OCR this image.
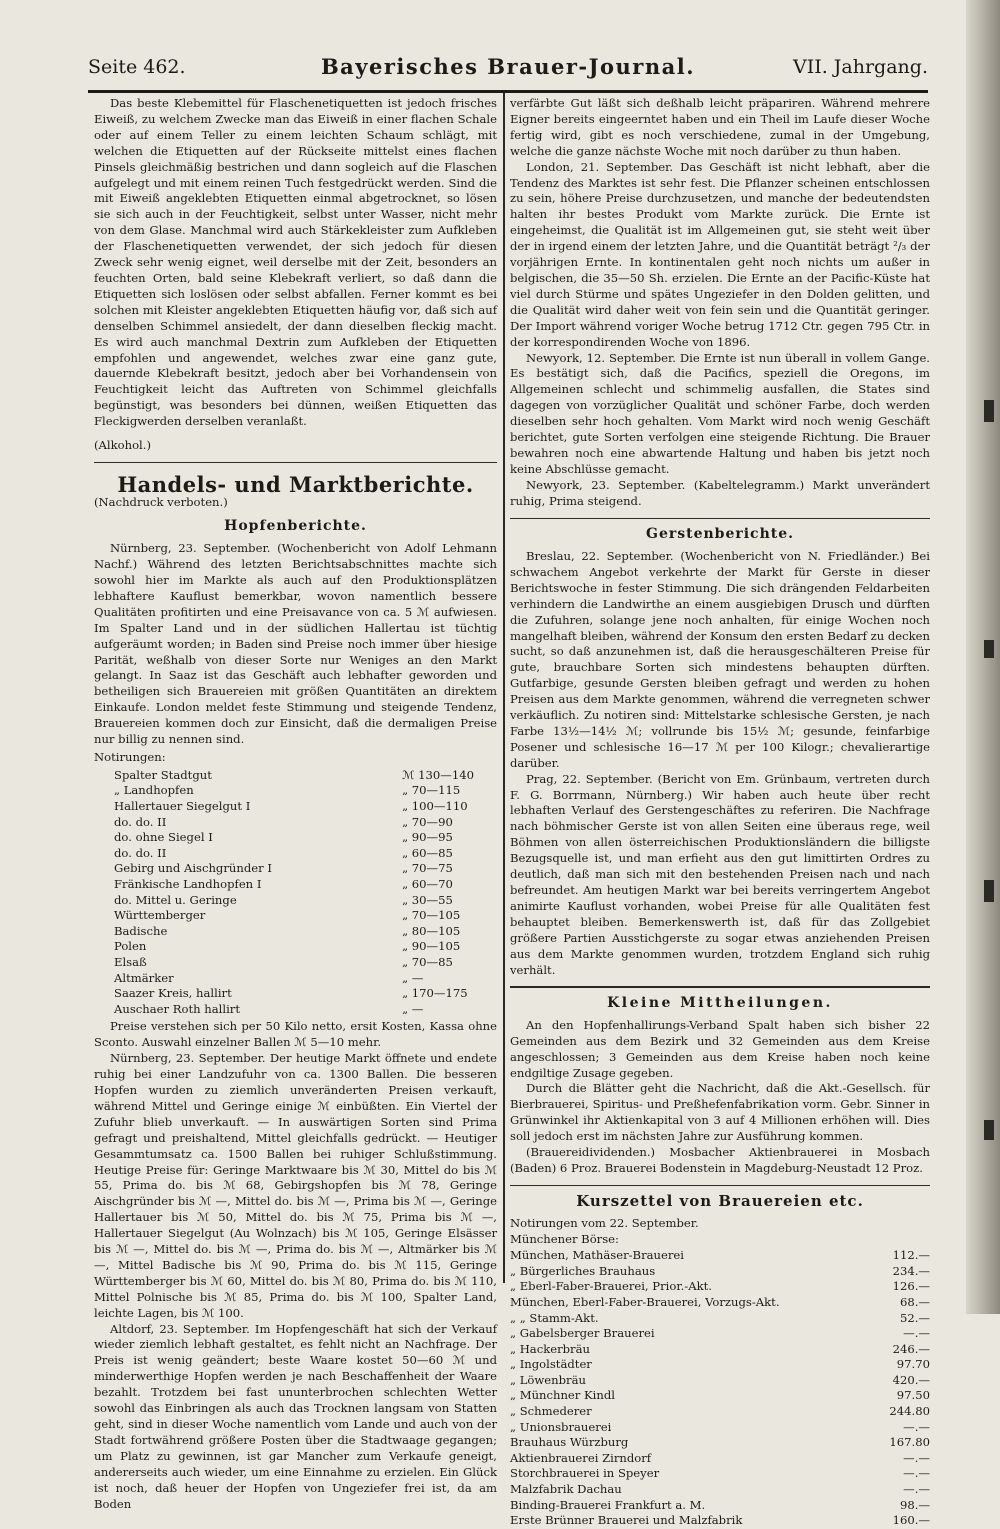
Seite 462.	Bayerisches Brauer-Journal.	VII. Jahrgang.

Das beste Klebemittel für Flaschenetiquetten ist jedoch frisches Eiweiß, zu welchem Zwecke man das Eiweiß in einer flachen Schale oder auf einem Teller zu einem leichten Schaum schlägt, mit welchen die Etiquetten auf der Rückseite mittelst eines flachen Pinsels gleichmäßig bestrichen und dann sogleich auf die Flaschen aufgelegt und mit einem reinen Tuch festgedrückt werden. Sind die mit Eiweiß angeklebten Etiquetten einmal abgetrocknet, so lösen sie sich auch in der Feuchtigkeit, selbst unter Wasser, nicht mehr von dem Glase. Manchmal wird auch Stärkekleister zum Aufkleben der Flaschenetiquetten verwendet, der sich jedoch für diesen Zweck sehr wenig eignet, weil derselbe mit der Zeit, besonders an feuchten Orten, bald seine Klebekraft verliert, so daß dann die Etiquetten sich loslösen oder selbst abfallen. Ferner kommt es bei solchen mit Kleister angeklebten Etiquetten häufig vor, daß sich auf denselben Schimmel ansiedelt, der dann dieselben fleckig macht. Es wird auch manchmal Dextrin zum Aufkleben der Etiquetten empfohlen und angewendet, welches zwar eine ganz gute, dauernde Klebekraft besitzt, jedoch aber bei Vorhandensein von Feuchtigkeit leicht das Auftreten von Schimmel gleichfalls begünstigt, was besonders bei dünnen, weißen Etiquetten das Fleckigwerden derselben veranlaßt.

(Alkohol.)

Handels- und Marktberichte.

(Nachdruck verboten.)

Hopfenberichte.

Nürnberg, 23. September. (Wochenbericht von Adolf Lehmann Nachf.) Während des letzten Berichtsabschnittes machte sich sowohl hier im Markte als auch auf den Produktionsplätzen lebhaftere Kauflust bemerkbar, wovon namentlich bessere Qualitäten profitirten und eine Preisavance von ca. 5 ℳ aufwiesen. Im Spalter Land und in der südlichen Hallertau ist tüchtig aufgeräumt worden; in Baden sind Preise noch immer über hiesige Parität, weßhalb von dieser Sorte nur Weniges an den Markt gelangt. In Saaz ist das Geschäft auch lebhafter geworden und betheiligen sich Brauereien mit größen Quantitäten an direktem Einkaufe. London meldet feste Stimmung und steigende Tendenz, Brauereien kommen doch zur Einsicht, daß die dermaligen Preise nur billig zu nennen sind.

Notirungen:

Spalter Stadtgut		ℳ 130—140
„ Landhopfen		„ 70—115
Hallertauer Siegelgut I		„ 100—110
do. do. II		„ 70—90
do. ohne Siegel I		„ 90—95
do. do. II		„ 60—85
Gebirg und Aischgründer I		„ 70—75
Fränkische Landhopfen I		„ 60—70
do. Mittel u. Geringe		„ 30—55
Württemberger		„ 70—105
Badische		„ 80—105
Polen		„ 90—105
Elsaß		„ 70—85
Altmärker		„ —
Saazer Kreis, hallirt		„ 170—175
Auschaer Roth hallirt		„ —

Preise verstehen sich per 50 Kilo netto, ersit Kosten, Kassa ohne Sconto. Auswahl einzelner Ballen ℳ 5—10 mehr.

Nürnberg, 23. September. Der heutige Markt öffnete und endete ruhig bei einer Landzufuhr von ca. 1300 Ballen. Die besseren Hopfen wurden zu ziemlich unveränderten Preisen verkauft, während Mittel und Geringe einige ℳ einbüßten. Ein Viertel der Zufuhr blieb unverkauft. — In auswärtigen Sorten sind Prima gefragt und preishaltend, Mittel gleichfalls gedrückt. — Heutiger Gesammtumsatz ca. 1500 Ballen bei ruhiger Schlußstimmung. Heutige Preise für: Geringe Marktwaare bis ℳ 30, Mittel do bis ℳ 55, Prima do. bis ℳ 68, Gebirgshopfen bis ℳ 78, Geringe Aischgründer bis ℳ —, Mittel do. bis ℳ —, Prima bis ℳ —, Geringe Hallertauer bis ℳ 50, Mittel do. bis ℳ 75, Prima bis ℳ —, Hallertauer Siegelgut (Au Wolnzach) bis ℳ 105, Geringe Elsässer bis ℳ —, Mittel do. bis ℳ —, Prima do. bis ℳ —, Altmärker bis ℳ —, Mittel Badische bis ℳ 90, Prima do. bis ℳ 115, Geringe Württemberger bis ℳ 60, Mittel do. bis ℳ 80, Prima do. bis ℳ 110, Mittel Polnische bis ℳ 85, Prima do. bis ℳ 100, Spalter Land, leichte Lagen, bis ℳ 100.

Altdorf, 23. September. Im Hopfengeschäft hat sich der Verkauf wieder ziemlich lebhaft gestaltet, es fehlt nicht an Nachfrage. Der Preis ist wenig geändert; beste Waare kostet 50—60 ℳ und minderwerthige Hopfen werden je nach Beschaffenheit der Waare bezahlt. Trotzdem bei fast ununterbrochen schlechten Wetter sowohl das Einbringen als auch das Trocknen langsam von Statten geht, sind in dieser Woche namentlich vom Lande und auch von der Stadt fortwährend größere Posten über die Stadtwaage gegangen; um Platz zu gewinnen, ist gar Mancher zum Verkaufe geneigt, andererseits auch wieder, um eine Einnahme zu erzielen. Ein Glück ist noch, daß heuer der Hopfen von Ungeziefer frei ist, da am Boden

verfärbte Gut läßt sich deßhalb leicht präpariren. Während mehrere Eigner bereits eingeerntet haben und ein Theil im Laufe dieser Woche fertig wird, gibt es noch verschiedene, zumal in der Umgebung, welche die ganze nächste Woche mit noch darüber zu thun haben.

London, 21. September. Das Geschäft ist nicht lebhaft, aber die Tendenz des Marktes ist sehr fest. Die Pflanzer scheinen entschlossen zu sein, höhere Preise durchzusetzen, und manche der bedeutendsten halten ihr bestes Produkt vom Markte zurück. Die Ernte ist eingeheimst, die Qualität ist im Allgemeinen gut, sie steht weit über der in irgend einem der letzten Jahre, und die Quantität beträgt ²/₃ der vorjährigen Ernte. In kontinentalen geht noch nichts um außer in belgischen, die 35—50 Sh. erzielen. Die Ernte an der Pacific-Küste hat viel durch Stürme und spätes Ungeziefer in den Dolden gelitten, und die Qualität wird daher weit von fein sein und die Quantität geringer. Der Import während voriger Woche betrug 1712 Ctr. gegen 795 Ctr. in der korrespondirenden Woche von 1896.

Newyork, 12. September. Die Ernte ist nun überall in vollem Gange. Es bestätigt sich, daß die Pacifics, speziell die Oregons, im Allgemeinen schlecht und schimmelig ausfallen, die States sind dagegen von vorzüglicher Qualität und schöner Farbe, doch werden dieselben sehr hoch gehalten. Vom Markt wird noch wenig Geschäft berichtet, gute Sorten verfolgen eine steigende Richtung. Die Brauer bewahren noch eine abwartende Haltung und haben bis jetzt noch keine Abschlüsse gemacht.

Newyork, 23. September. (Kabeltelegramm.) Markt unverändert ruhig, Prima steigend.

Gerstenberichte.

Breslau, 22. September. (Wochenbericht von N. Friedländer.) Bei schwachem Angebot verkehrte der Markt für Gerste in dieser Berichtswoche in fester Stimmung. Die sich drängenden Feldarbeiten verhindern die Landwirthe an einem ausgiebigen Drusch und dürften die Zufuhren, solange jene noch anhalten, für einige Wochen noch mangelhaft bleiben, während der Konsum den ersten Bedarf zu decken sucht, so daß anzunehmen ist, daß die herausgeschälteren Preise für gute, brauchbare Sorten sich mindestens behaupten dürften. Gutfarbige, gesunde Gersten bleiben gefragt und werden zu hohen Preisen aus dem Markte genommen, während die verregneten schwer verkäuflich. Zu notiren sind: Mittelstarke schlesische Gersten, je nach Farbe 13½—14½ ℳ; vollrunde bis 15½ ℳ; gesunde, feinfarbige Posener und schlesische 16—17 ℳ per 100 Kilogr.; chevalierartige darüber.

Prag, 22. September. (Bericht von Em. Grünbaum, vertreten durch F. G. Borrmann, Nürnberg.) Wir haben auch heute über recht lebhaften Verlauf des Gerstengeschäftes zu referiren. Die Nachfrage nach böhmischer Gerste ist von allen Seiten eine überaus rege, weil Böhmen von allen österreichischen Produktionsländern die billigste Bezugsquelle ist, und man erfieht aus den gut limittirten Ordres zu deutlich, daß man sich mit den bestehenden Preisen nach und nach befreundet. Am heutigen Markt war bei bereits verringertem Angebot animirte Kauflust vorhanden, wobei Preise für alle Qualitäten fest behauptet bleiben. Bemerkenswerth ist, daß für das Zollgebiet größere Partien Ausstichgerste zu sogar etwas anziehenden Preisen aus dem Markte genommen wurden, trotzdem England sich ruhig verhält.

Kleine Mittheilungen.

An den Hopfenhallirungs-Verband Spalt haben sich bisher 22 Gemeinden aus dem Bezirk und 32 Gemeinden aus dem Kreise angeschlossen; 3 Gemeinden aus dem Kreise haben noch keine endgiltige Zusage gegeben.

Durch die Blätter geht die Nachricht, daß die Akt.-Gesellsch. für Bierbrauerei, Spiritus- und Preßhefenfabrikation vorm. Gebr. Sinner in Grünwinkel ihr Aktienkapital von 3 auf 4 Millionen erhöhen will. Dies soll jedoch erst im nächsten Jahre zur Ausführung kommen.

(Brauereidividenden.) Mosbacher Aktienbrauerei in Mosbach (Baden) 6 Proz. Brauerei Bodenstein in Magdeburg-Neustadt 12 Proz.

Kurszettel von Brauereien etc.

Notirungen vom 22. September.

Münchener Börse:

München, Mathäser-Brauerei		112.—
„ Bürgerliches Brauhaus		234.—
„ Eberl-Faber-Brauerei, Prior.-Akt.		126.—
München, Eberl-Faber-Brauerei, Vorzugs-Akt.		68.—
„ „ Stamm-Akt.		52.—
„ Gabelsberger Brauerei		—.—
„ Hackerbräu		246.—
„ Ingolstädter		97.70
„ Löwenbräu		420.—
„ Münchner Kindl		97.50
„ Schmederer		244.80
„ Unionsbrauerei		—.—
Brauhaus Würzburg		167.80
Aktienbrauerei Zirndorf		—.—
Storchbrauerei in Speyer		—.—
Malzfabrik Dachau		—.—
Binding-Brauerei Frankfurt a. M.		98.—
Erste Brünner Brauerei und Malzfabrik		160.—
